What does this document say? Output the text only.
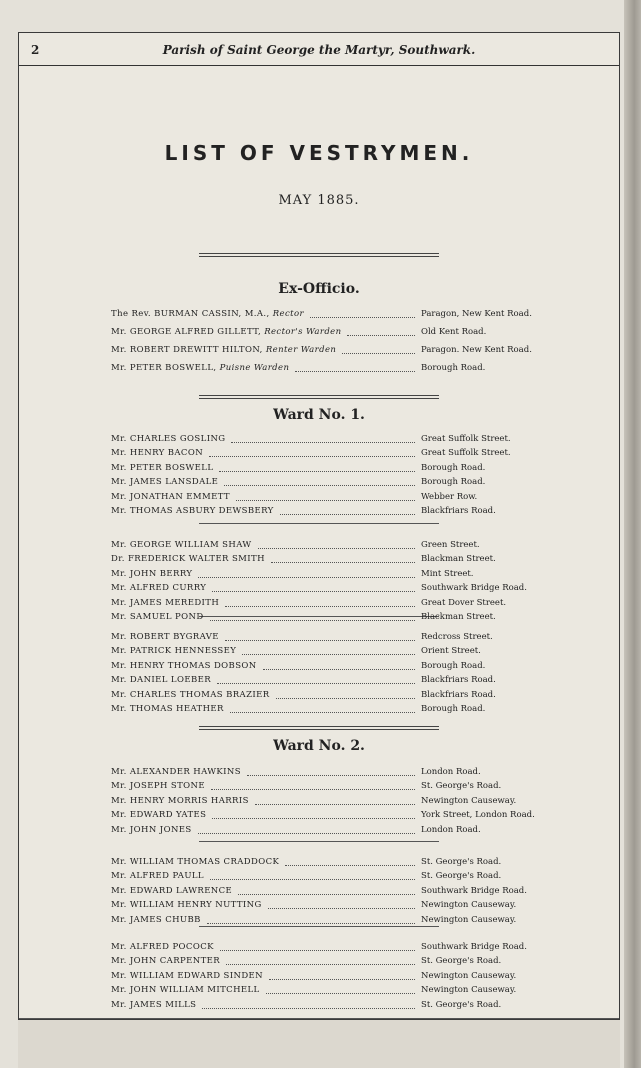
2	Parish of Saint George the Martyr, Southwark.
LIST OF VESTRYMEN.
MAY 1885.
Ex-Officio.
The Rev. BURMAN CASSIN, M.A., Rector	Paragon, New Kent Road.
Mr. GEORGE ALFRED GILLETT, Rector's Warden	Old Kent Road.
Mr. ROBERT DREWITT HILTON, Renter Warden	Paragon. New Kent Road.
Mr. PETER BOSWELL, Puisne Warden	Borough Road.
Ward No. 1.
Mr. CHARLES GOSLING	Great Suffolk Street.
Mr. HENRY BACON	Great Suffolk Street.
Mr. PETER BOSWELL	Borough Road.
Mr. JAMES LANSDALE	Borough Road.
Mr. JONATHAN EMMETT	Webber Row.
Mr. THOMAS ASBURY DEWSBERY	Blackfriars Road.
Mr. GEORGE WILLIAM SHAW	Green Street.
Dr. FREDERICK WALTER SMITH	Blackman Street.
Mr. JOHN BERRY	Mint Street.
Mr. ALFRED CURRY	Southwark Bridge Road.
Mr. JAMES MEREDITH	Great Dover Street.
Mr. SAMUEL POND	Blackman Street.
Mr. ROBERT BYGRAVE	Redcross Street.
Mr. PATRICK HENNESSEY	Orient Street.
Mr. HENRY THOMAS DOBSON	Borough Road.
Mr. DANIEL LOEBER	Blackfriars Road.
Mr. CHARLES THOMAS BRAZIER	Blackfriars Road.
Mr. THOMAS HEATHER	Borough Road.
Ward No. 2.
Mr. ALEXANDER HAWKINS	London Road.
Mr. JOSEPH STONE	St. George's Road.
Mr. HENRY MORRIS HARRIS	Newington Causeway.
Mr. EDWARD YATES	York Street, London Road.
Mr. JOHN JONES	London Road.
Mr. WILLIAM THOMAS CRADDOCK	St. George's Road.
Mr. ALFRED PAULL	St. George's Road.
Mr. EDWARD LAWRENCE	Southwark Bridge Road.
Mr. WILLIAM HENRY NUTTING	Newington Causeway.
Mr. JAMES CHUBB	Newington Causeway.
Mr. ALFRED POCOCK	Southwark Bridge Road.
Mr. JOHN CARPENTER	St. George's Road.
Mr. WILLIAM EDWARD SINDEN	Newington Causeway.
Mr. JOHN WILLIAM MITCHELL	Newington Causeway.
Mr. JAMES MILLS	St. George's Road.
